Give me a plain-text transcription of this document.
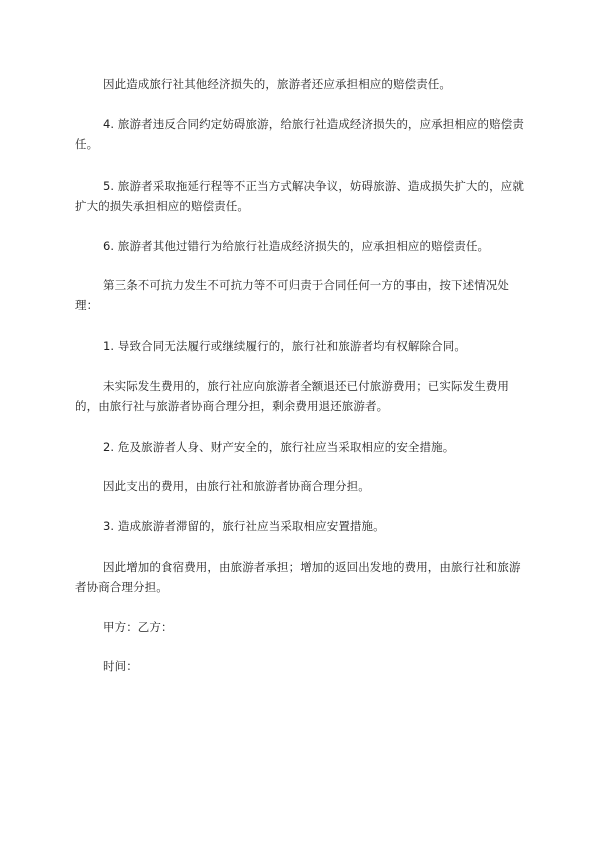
因此造成旅行社其他经济损失的，旅游者还应承担相应的赔偿责任。

4. 旅游者违反合同约定妨碍旅游，给旅行社造成经济损失的，应承担相应的赔偿责任。

5. 旅游者采取拖延行程等不正当方式解决争议，妨碍旅游、造成损失扩大的，应就扩大的损失承担相应的赔偿责任。

6. 旅游者其他过错行为给旅行社造成经济损失的，应承担相应的赔偿责任。

第三条不可抗力发生不可抗力等不可归责于合同任何一方的事由，按下述情况处理：

1. 导致合同无法履行或继续履行的，旅行社和旅游者均有权解除合同。

未实际发生费用的，旅行社应向旅游者全额退还已付旅游费用；已实际发生费用的，由旅行社与旅游者协商合理分担，剩余费用退还旅游者。

2. 危及旅游者人身、财产安全的，旅行社应当采取相应的安全措施。

因此支出的费用，由旅行社和旅游者协商合理分担。

3. 造成旅游者滞留的，旅行社应当采取相应安置措施。

因此增加的食宿费用，由旅游者承担；增加的返回出发地的费用，由旅行社和旅游者协商合理分担。

甲方：乙方：

时间：
